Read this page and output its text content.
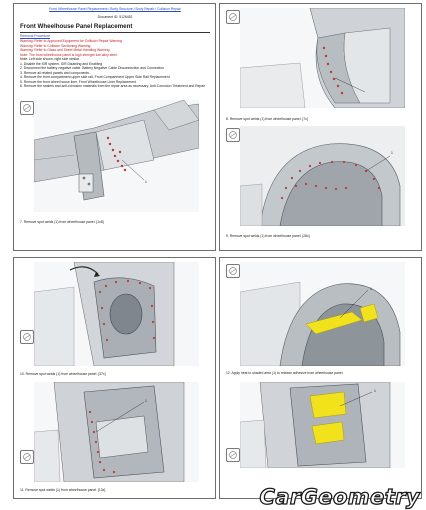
Front Wheelhouse Panel Replacement / Body Structure / Body Repair / Collision Repair
Document ID: 5126452
Front Wheelhouse Panel Replacement
Removal Procedure
Warning: Refer to Approved Equipment for Collision Repair Warning
Warning: Refer to Collision Sectioning Warning
Warning: Refer to Glass and Sheet Metal Handling Warning
Note: The front wheelhouse panel is high strength low alloy steel.
Note: Left side shown, right side similar.
1. Disable the SIR system. SIR Disabling and Enabling
2. Disconnect the battery negative cable. Battery Negative Cable Disconnection and Connection
3. Remove all related panels and components.
4. Remove the front compartment upper side rail. Front Compartment Upper Side Rail Replacement
5. Remove the front wheel house liner. Front Wheelhouse Liner Replacement
6. Remove the sealers and anti-corrosion materials from the repair area as necessary. Anti-Corrosion Treatment and Repair
1
7. Remove spot welds (1) from wheelhouse panel. [1x8]
8. Remove spot welds (1) from wheelhouse panel. [7x]
1
9. Remove spot welds (1) from wheelhouse panel. [28x]
10. Remove spot welds (1) from wheelhouse panel. [37x]
1
11. Remove spot welds (1) from wheelhouse panel. [13x]
1
12. Apply heat to shaded area (1) to release adhesive from wheelhouse panel.
1
CarGeometry
